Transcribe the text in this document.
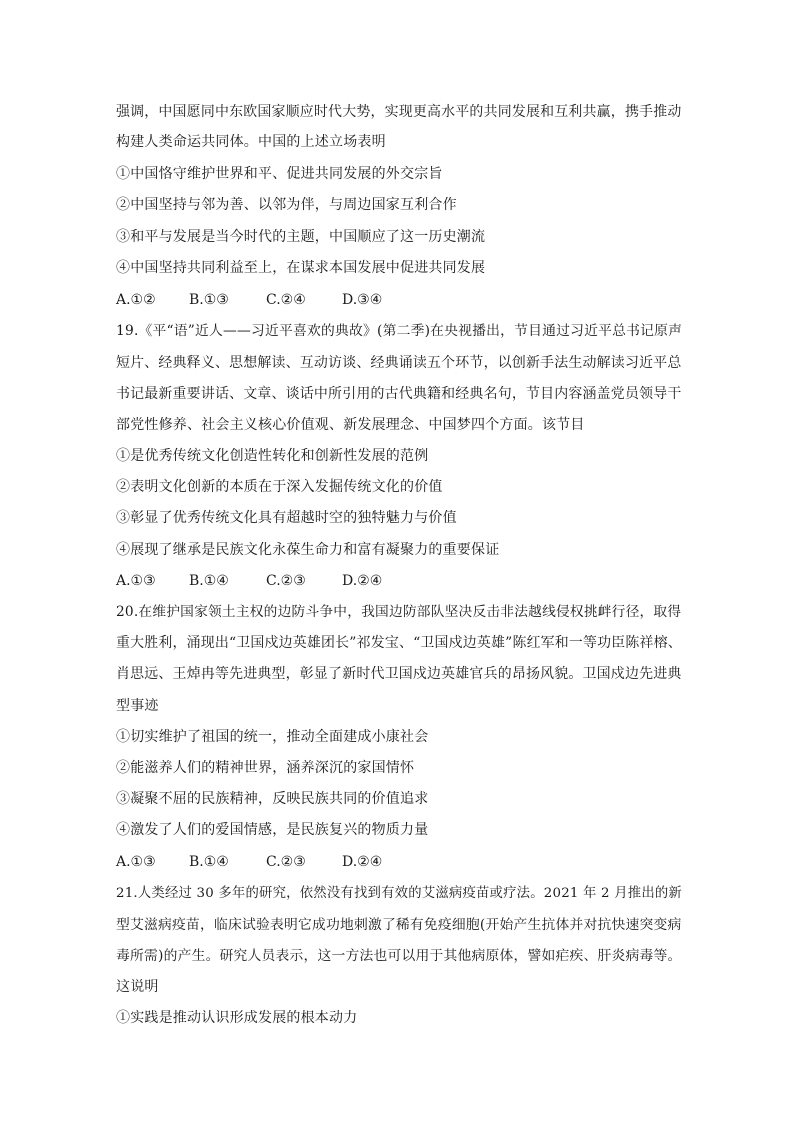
强调，中国愿同中东欧国家顺应时代大势，实现更高水平的共同发展和互利共赢，携手推动
构建人类命运共同体。中国的上述立场表明
①中国恪守维护世界和平、促进共同发展的外交宗旨
②中国坚持与邻为善、以邻为伴，与周边国家互利合作
③和平与发展是当今时代的主题，中国顺应了这一历史潮流
④中国坚持共同利益至上，在谋求本国发展中促进共同发展
A.①② B.①③	C.②④	D.③④
19.《平“语”近人——习近平喜欢的典故》(第二季)在央视播出，节目通过习近平总书记原声
短片、经典释义、思想解读、互动访谈、经典诵读五个环节，以创新手法生动解读习近平总
书记最新重要讲话、文章、谈话中所引用的古代典籍和经典名句，节目内容涵盖党员领导干
部党性修养、社会主义核心价值观、新发展理念、中国梦四个方面。该节目
①是优秀传统文化创造性转化和创新性发展的范例
②表明文化创新的本质在于深入发掘传统文化的价值
③彰显了优秀传统文化具有超越时空的独特魅力与价值
④展现了继承是民族文化永葆生命力和富有凝聚力的重要保证
A.①③ B.①④	C.②③	D.②④
20.在维护国家领土主权的边防斗争中，我国边防部队坚决反击非法越线侵权挑衅行径，取得
重大胜利，涌现出“卫国戍边英雄团长”祁发宝、“卫国戍边英雄”陈红军和一等功臣陈祥榕、
肖思远、王焯冉等先进典型，彰显了新时代卫国戍边英雄官兵的昂扬风貌。卫国戍边先进典
型事迹
①切实维护了祖国的统一，推动全面建成小康社会
②能滋养人们的精神世界，涵养深沉的家国情怀
③凝聚不屈的民族精神，反映民族共同的价值追求
④激发了人们的爱国情感，是民族复兴的物质力量
A.①③ B.①④	C.②③	D.②④
21.人类经过 30 多年的研究，依然没有找到有效的艾滋病疫苗或疗法。2021 年 2 月推出的新
型艾滋病疫苗，临床试验表明它成功地刺激了稀有免疫细胞(开始产生抗体并对抗快速突变病
毒所需)的产生。研究人员表示，这一方法也可以用于其他病原体，譬如疟疾、肝炎病毒等。
这说明
①实践是推动认识形成发展的根本动力
